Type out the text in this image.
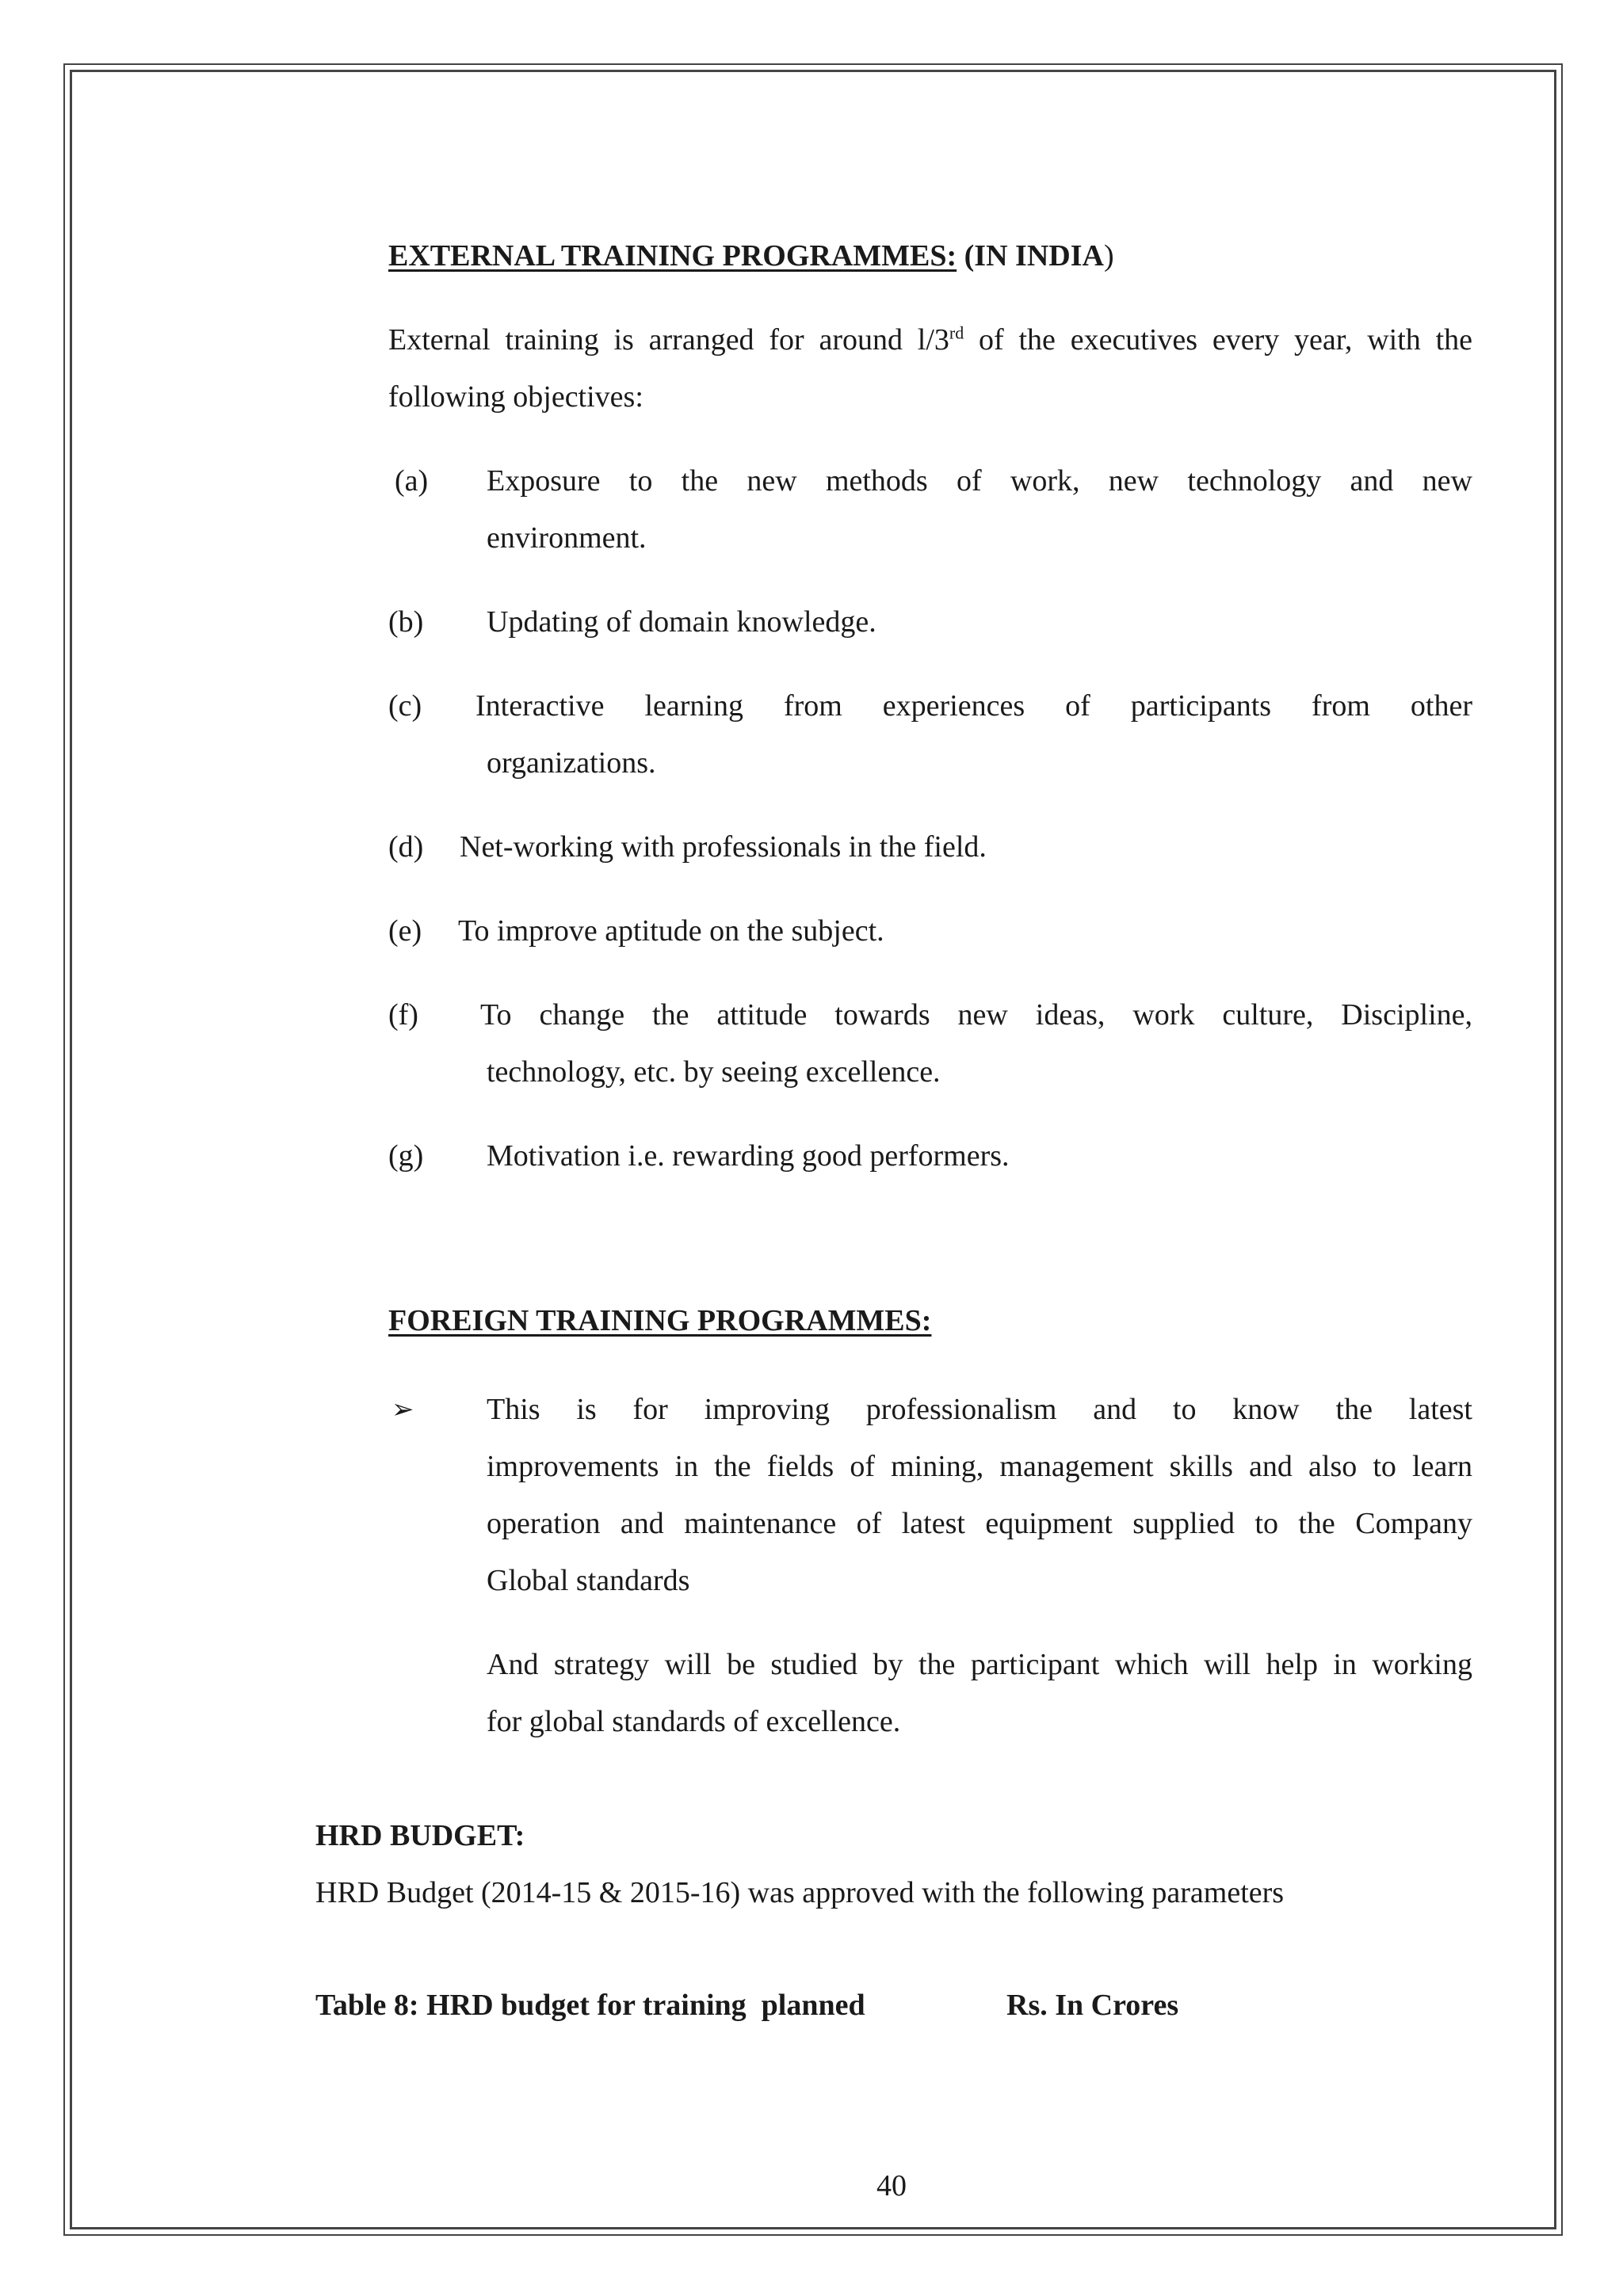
EXTERNAL TRAINING PROGRAMMES: (IN INDIA)
External training is arranged for around l/3rd of the executives every year, with the
following objectives:
(a) Exposure to the new methods of work, new technology and new
environment.
(b) Updating of domain knowledge.
(c) Interactive learning from experiences of participants from other
organizations.
(d) Net-working with professionals in the field.
(e) To improve aptitude on the subject.
(f) To change the attitude towards new ideas, work culture, Discipline,
technology, etc. by seeing excellence.
(g) Motivation i.e. rewarding good performers.
FOREIGN TRAINING PROGRAMMES:
➢ This is for improving professionalism and to know the latest
improvements in the fields of mining, management skills and also to learn
operation and maintenance of latest equipment supplied to the Company
Global standards
And strategy will be studied by the participant which will help in working
for global standards of excellence.
HRD BUDGET:
HRD Budget (2014-15 & 2015-16) was approved with the following parameters
Table 8: HRD budget for training  planned	Rs. In Crores
40
